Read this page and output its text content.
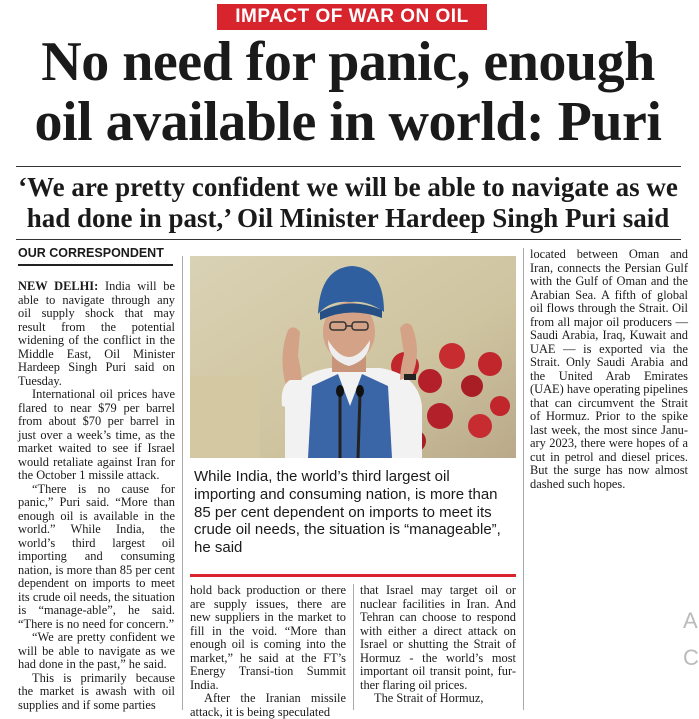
IMPACT OF WAR ON OIL
No need for panic, enough oil available in world: Puri
‘We are pretty confident we will be able to navigate as we had done in past,’ Oil Minister Hardeep Singh Puri said
OUR CORRESPONDENT

NEW DELHI: India will be able to navigate through any oil supply shock that may result from the potential widening of the conflict in the Middle East, Oil Minister Hardeep Singh Puri said on Tuesday.

International oil prices have flared to near $79 per barrel from about $70 per barrel in just over a week’s time, as the market waited to see if Israel would retaliate against Iran for the October 1 missile attack.

“There is no cause for panic,” Puri said. “More than enough oil is available in the world.” While India, the world’s third largest oil importing and consuming nation, is more than 85 per cent dependent on imports to meet its crude oil needs, the situation is “manage-able”, he said. “There is no need for concern.”

“We are pretty confident we will be able to navigate as we had done in the past,” he said.

This is primarily because the market is awash with oil supplies and if some parties

While India, the world’s third largest oil importing and consuming nation, is more than 85 per cent dependent on imports to meet its crude oil needs, the situation is “manageable”, he said

hold back production or there are supply issues, there are new suppliers in the market to fill in the void. “More than enough oil is coming into the market,” he said at the FT’s Energy Transi-tion Summit India.

After the Iranian missile attack, it is being speculated

that Israel may target oil or nuclear facilities in Iran. And Tehran can choose to respond with either a direct attack on Israel or shutting the Strait of Hormuz - the world’s most important oil transit point, fur-ther flaring oil prices.

The Strait of Hormuz,

located between Oman and Iran, connects the Persian Gulf with the Gulf of Oman and the Arabian Sea. A fifth of global oil flows through the Strait. Oil from all major oil producers — Saudi Arabia, Iraq, Kuwait and UAE — is exported via the Strait. Only Saudi Arabia and the United Arab Emirates (UAE) have operating pipelines that can circumvent the Strait of Hormuz. Prior to the spike last week, the most since Janu-ary 2023, there were hopes of a cut in petrol and diesel prices. But the surge has now almost dashed such hopes.

A
C
